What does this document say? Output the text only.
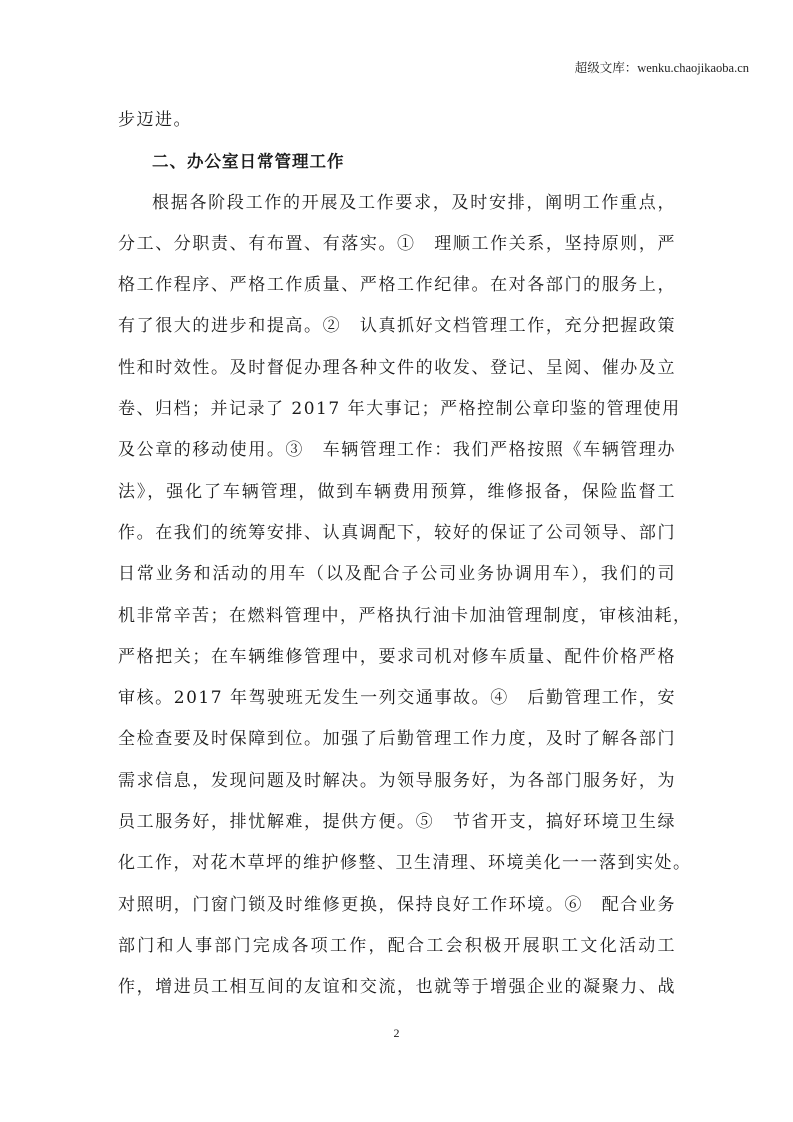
超级文库：wenku.chaojikaoba.cn
步迈进。
二、办公室日常管理工作
根据各阶段工作的开展及工作要求，及时安排，阐明工作重点，
分工、分职责、有布置、有落实。①　理顺工作关系，坚持原则，严
格工作程序、严格工作质量、严格工作纪律。在对各部门的服务上，
有了很大的进步和提高。②　认真抓好文档管理工作，充分把握政策
性和时效性。及时督促办理各种文件的收发、登记、呈阅、催办及立
卷、归档；并记录了 2017 年大事记；严格控制公章印鉴的管理使用
及公章的移动使用。③　车辆管理工作：我们严格按照《车辆管理办
法》，强化了车辆管理，做到车辆费用预算，维修报备，保险监督工
作。在我们的统筹安排、认真调配下，较好的保证了公司领导、部门
日常业务和活动的用车（以及配合子公司业务协调用车），我们的司
机非常辛苦；在燃料管理中，严格执行油卡加油管理制度，审核油耗，
严格把关；在车辆维修管理中，要求司机对修车质量、配件价格严格
审核。2017 年驾驶班无发生一列交通事故。④　后勤管理工作，安
全检查要及时保障到位。加强了后勤管理工作力度，及时了解各部门
需求信息，发现问题及时解决。为领导服务好，为各部门服务好，为
员工服务好，排忧解难，提供方便。⑤　节省开支，搞好环境卫生绿
化工作，对花木草坪的维护修整、卫生清理、环境美化一一落到实处。
对照明，门窗门锁及时维修更换，保持良好工作环境。⑥　配合业务
部门和人事部门完成各项工作，配合工会积极开展职工文化活动工
作，增进员工相互间的友谊和交流，也就等于增强企业的凝聚力、战
2
